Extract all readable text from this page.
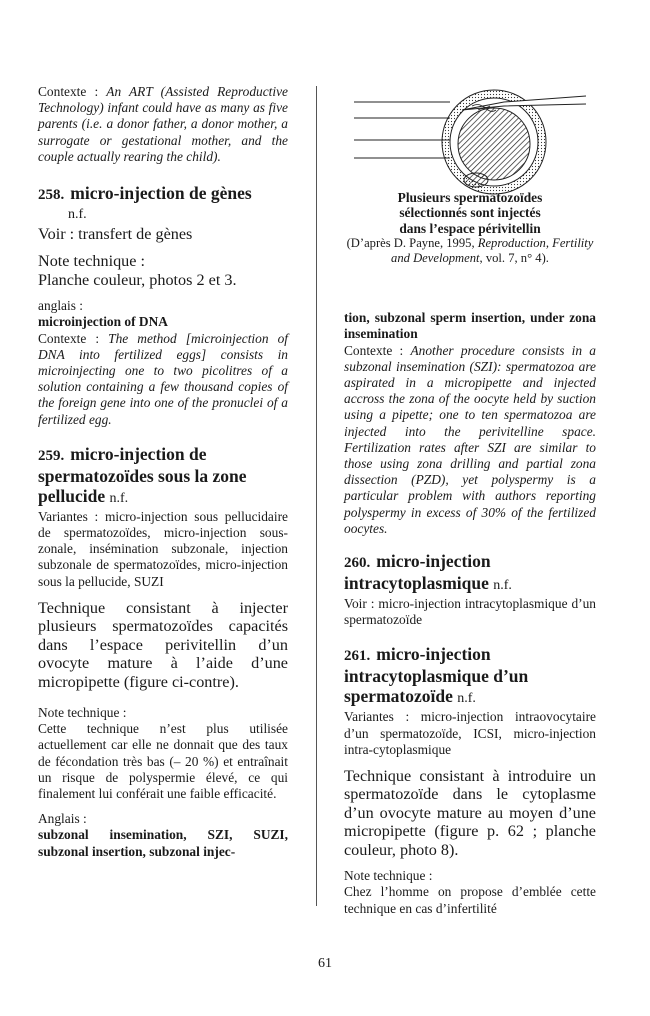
Contexte : An ART (Assisted Reproductive Technology) infant could have as many as five parents (i.e. a donor father, a donor mother, a surrogate or gestational mother, and the couple actually rearing the child).

258. micro-injection de gènes
n.f.

Voir : transfert de gènes

Note technique :

Planche couleur, photos 2 et 3.

anglais :

microinjection of DNA

Contexte : The method [microinjection of DNA into fertilized eggs] consists in microinjecting one to two picolitres of a solution containing a few thousand copies of the foreign gene into one of the pronuclei of a fertilized egg.

259. micro-injection de spermatozoïdes sous la zone pellucide n.f.

Variantes : micro-injection sous pellucidaire de spermatozoïdes, micro-injection sous-zonale, insémination subzonale, injection subzonale de spermatozoïdes, micro-injection sous la pellucide, SUZI

Technique consistant à injecter plusieurs spermatozoïdes capacités dans l’espace perivitellin d’un ovocyte mature à l’aide d’une micropipette (figure ci-contre).

Note technique :

Cette technique n’est plus utilisée actuellement car elle ne donnait que des taux de fécondation très bas (– 20 %) et entraînait un risque de polyspermie élevé, ce qui finalement lui conférait une faible efficacité.

Anglais :

subzonal insemination, SZI, SUZI, subzonal insertion, subzonal injec-

Plusieurs spermatozoïdes
sélectionnés sont injectés
dans l’espace périvitellin
(D’après D. Payne, 1995, Reproduction, Fertility and Development, vol. 7, n° 4).

tion, subzonal sperm insertion, under zona insemination

Contexte : Another procedure consists in a subzonal insemination (SZI): spermatozoa are aspirated in a micropipette and injected accross the zona of the oocyte held by suction using a pipette; one to ten spermatozoa are injected into the perivitelline space. Fertilization rates after SZI are similar to those using zona drilling and partial zona dissection (PZD), yet polyspermy is a particular problem with authors reporting polyspermy in excess of 30% of the fertilized oocytes.

260. micro-injection intracytoplasmique n.f.

Voir : micro-injection intracytoplasmique d’un spermatozoïde

261. micro-injection intracytoplasmique d’un spermatozoïde n.f.

Variantes : micro-injection intraovocytaire d’un spermatozoïde, ICSI, micro-injection intra-cytoplasmique

Technique consistant à introduire un spermatozoïde dans le cytoplasme d’un ovocyte mature au moyen d’une micropipette (figure p. 62 ; planche couleur, photo 8).

Note technique :

Chez l’homme on propose d’emblée cette technique en cas d’infertilité

61
